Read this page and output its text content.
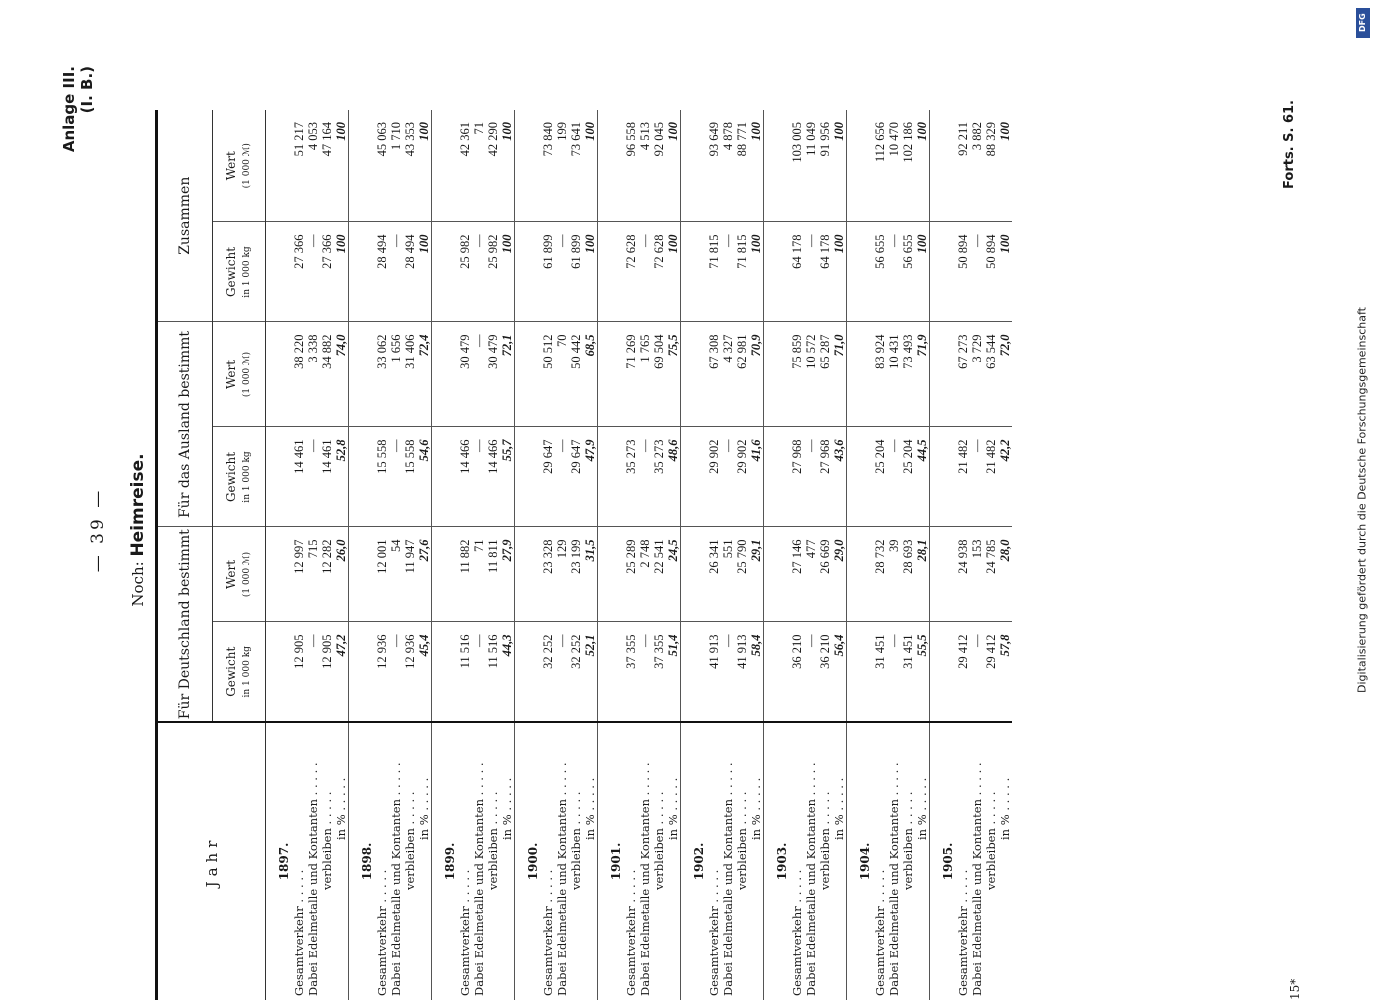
DFG
Digitalisierung gefördert durch die Deutsche Forschungsgemeinschaft
— 39 —
Noch: Heimreise.
Anlage III. (I. B.)
Jahr	Für Deutschland bestimmt		Für das Ausland bestimmt		Zusammen	
	Gewicht in 1 000 kg	Wert (1 000 ℳ)	Gewicht in 1 000 kg	Wert (1 000 ℳ)	Gewicht in 1 000 kg	Wert (1 000 ℳ)

1897.						

Gesamtverkehr . . . . .	12 905	12 997	14 461	38 220	27 366	51 217
Dabei Edelmetalle und Kontanten . . . . .	—	715	—	3 338	—	4 053
verbleiben . . . . .	12 905	12 282	14 461	34 882	27 366	47 164
in % . . . . .	47,2	26,0	52,8	74,0	100	100

1898.						

Gesamtverkehr . . . . .	12 936	12 001	15 558	33 062	28 494	45 063
Dabei Edelmetalle und Kontanten . . . . .	—	54	—	1 656	—	1 710
verbleiben . . . . .	12 936	11 947	15 558	31 406	28 494	43 353
in % . . . . .	45,4	27,6	54,6	72,4	100	100

1899.						

Gesamtverkehr . . . . .	11 516	11 882	14 466	30 479	25 982	42 361
Dabei Edelmetalle und Kontanten . . . . .	—	71	—	—	—	71
verbleiben . . . . .	11 516	11 811	14 466	30 479	25 982	42 290
in % . . . . .	44,3	27,9	55,7	72,1	100	100

1900.						

Gesamtverkehr . . . . .	32 252	23 328	29 647	50 512	61 899	73 840
Dabei Edelmetalle und Kontanten . . . . .	—	129	—	70	—	199
verbleiben . . . . .	32 252	23 199	29 647	50 442	61 899	73 641
in % . . . . .	52,1	31,5	47,9	68,5	100	100

1901.						

Gesamtverkehr . . . . .	37 355	25 289	35 273	71 269	72 628	96 558
Dabei Edelmetalle und Kontanten . . . . .	—	2 748	—	1 765	—	4 513
verbleiben . . . . .	37 355	22 541	35 273	69 504	72 628	92 045
in % . . . . .	51,4	24,5	48,6	75,5	100	100

1902.						

Gesamtverkehr . . . . .	41 913	26 341	29 902	67 308	71 815	93 649
Dabei Edelmetalle und Kontanten . . . . .	—	551	—	4 327	—	4 878
verbleiben . . . . .	41 913	25 790	29 902	62 981	71 815	88 771
in % . . . . .	58,4	29,1	41,6	70,9	100	100

1903.						

Gesamtverkehr . . . . .	36 210	27 146	27 968	75 859	64 178	103 005
Dabei Edelmetalle und Kontanten . . . . .	—	477	—	10 572	—	11 049
verbleiben . . . . .	36 210	26 669	27 968	65 287	64 178	91 956
in % . . . . .	56,4	29,0	43,6	71,0	100	100

1904.						

Gesamtverkehr . . . . .	31 451	28 732	25 204	83 924	56 655	112 656
Dabei Edelmetalle und Kontanten . . . . .	—	39	—	10 431	—	10 470
verbleiben . . . . .	31 451	28 693	25 204	73 493	56 655	102 186
in % . . . . .	55,5	28,1	44,5	71,9	100	100

1905.						

Gesamtverkehr . . . . .	29 412	24 938	21 482	67 273	50 894	92 211
Dabei Edelmetalle und Kontanten . . . . .	—	153	—	3 729	—	3 882
verbleiben . . . . .	29 412	24 785	21 482	63 544	50 894	88 329
in % . . . . .	57,8	28,0	42,2	72,0	100	100
15*
Forts. S. 61.
